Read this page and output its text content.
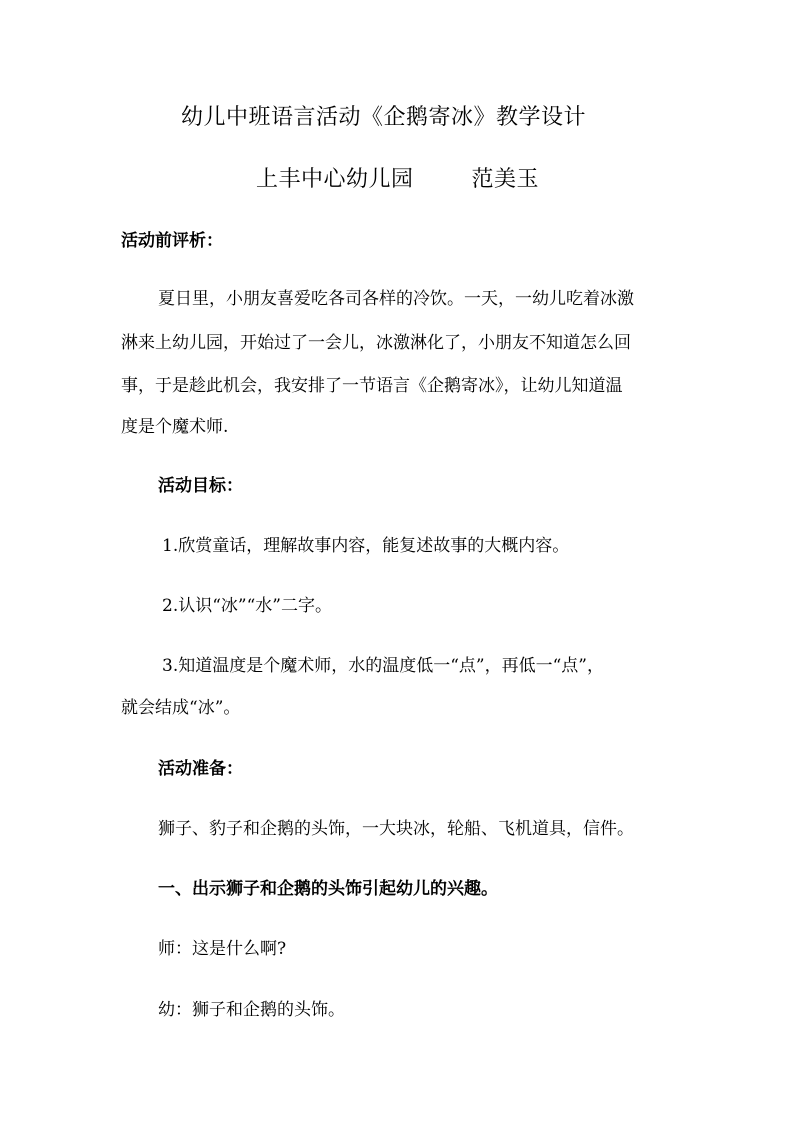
幼儿中班语言活动《企鹅寄冰》教学设计
上丰中心幼儿园	范美玉
活动前评析：
夏日里，小朋友喜爱吃各司各样的冷饮。一天，一幼儿吃着冰激
淋来上幼儿园，开始过了一会儿，冰激淋化了，小朋友不知道怎么回
事，于是趁此机会，我安排了一节语言《企鹅寄冰》，让幼儿知道温
度是个魔术师.
活动目标：
1.欣赏童话，理解故事内容，能复述故事的大概内容。
2.认识“冰”“水”二字。
3.知道温度是个魔术师，水的温度低一“点”，再低一“点”，
就会结成“冰”。
活动准备：
狮子、豹子和企鹅的头饰，一大块冰，轮船、飞机道具，信件。
一、出示狮子和企鹅的头饰引起幼儿的兴趣。
师：这是什么啊?
幼：狮子和企鹅的头饰。
